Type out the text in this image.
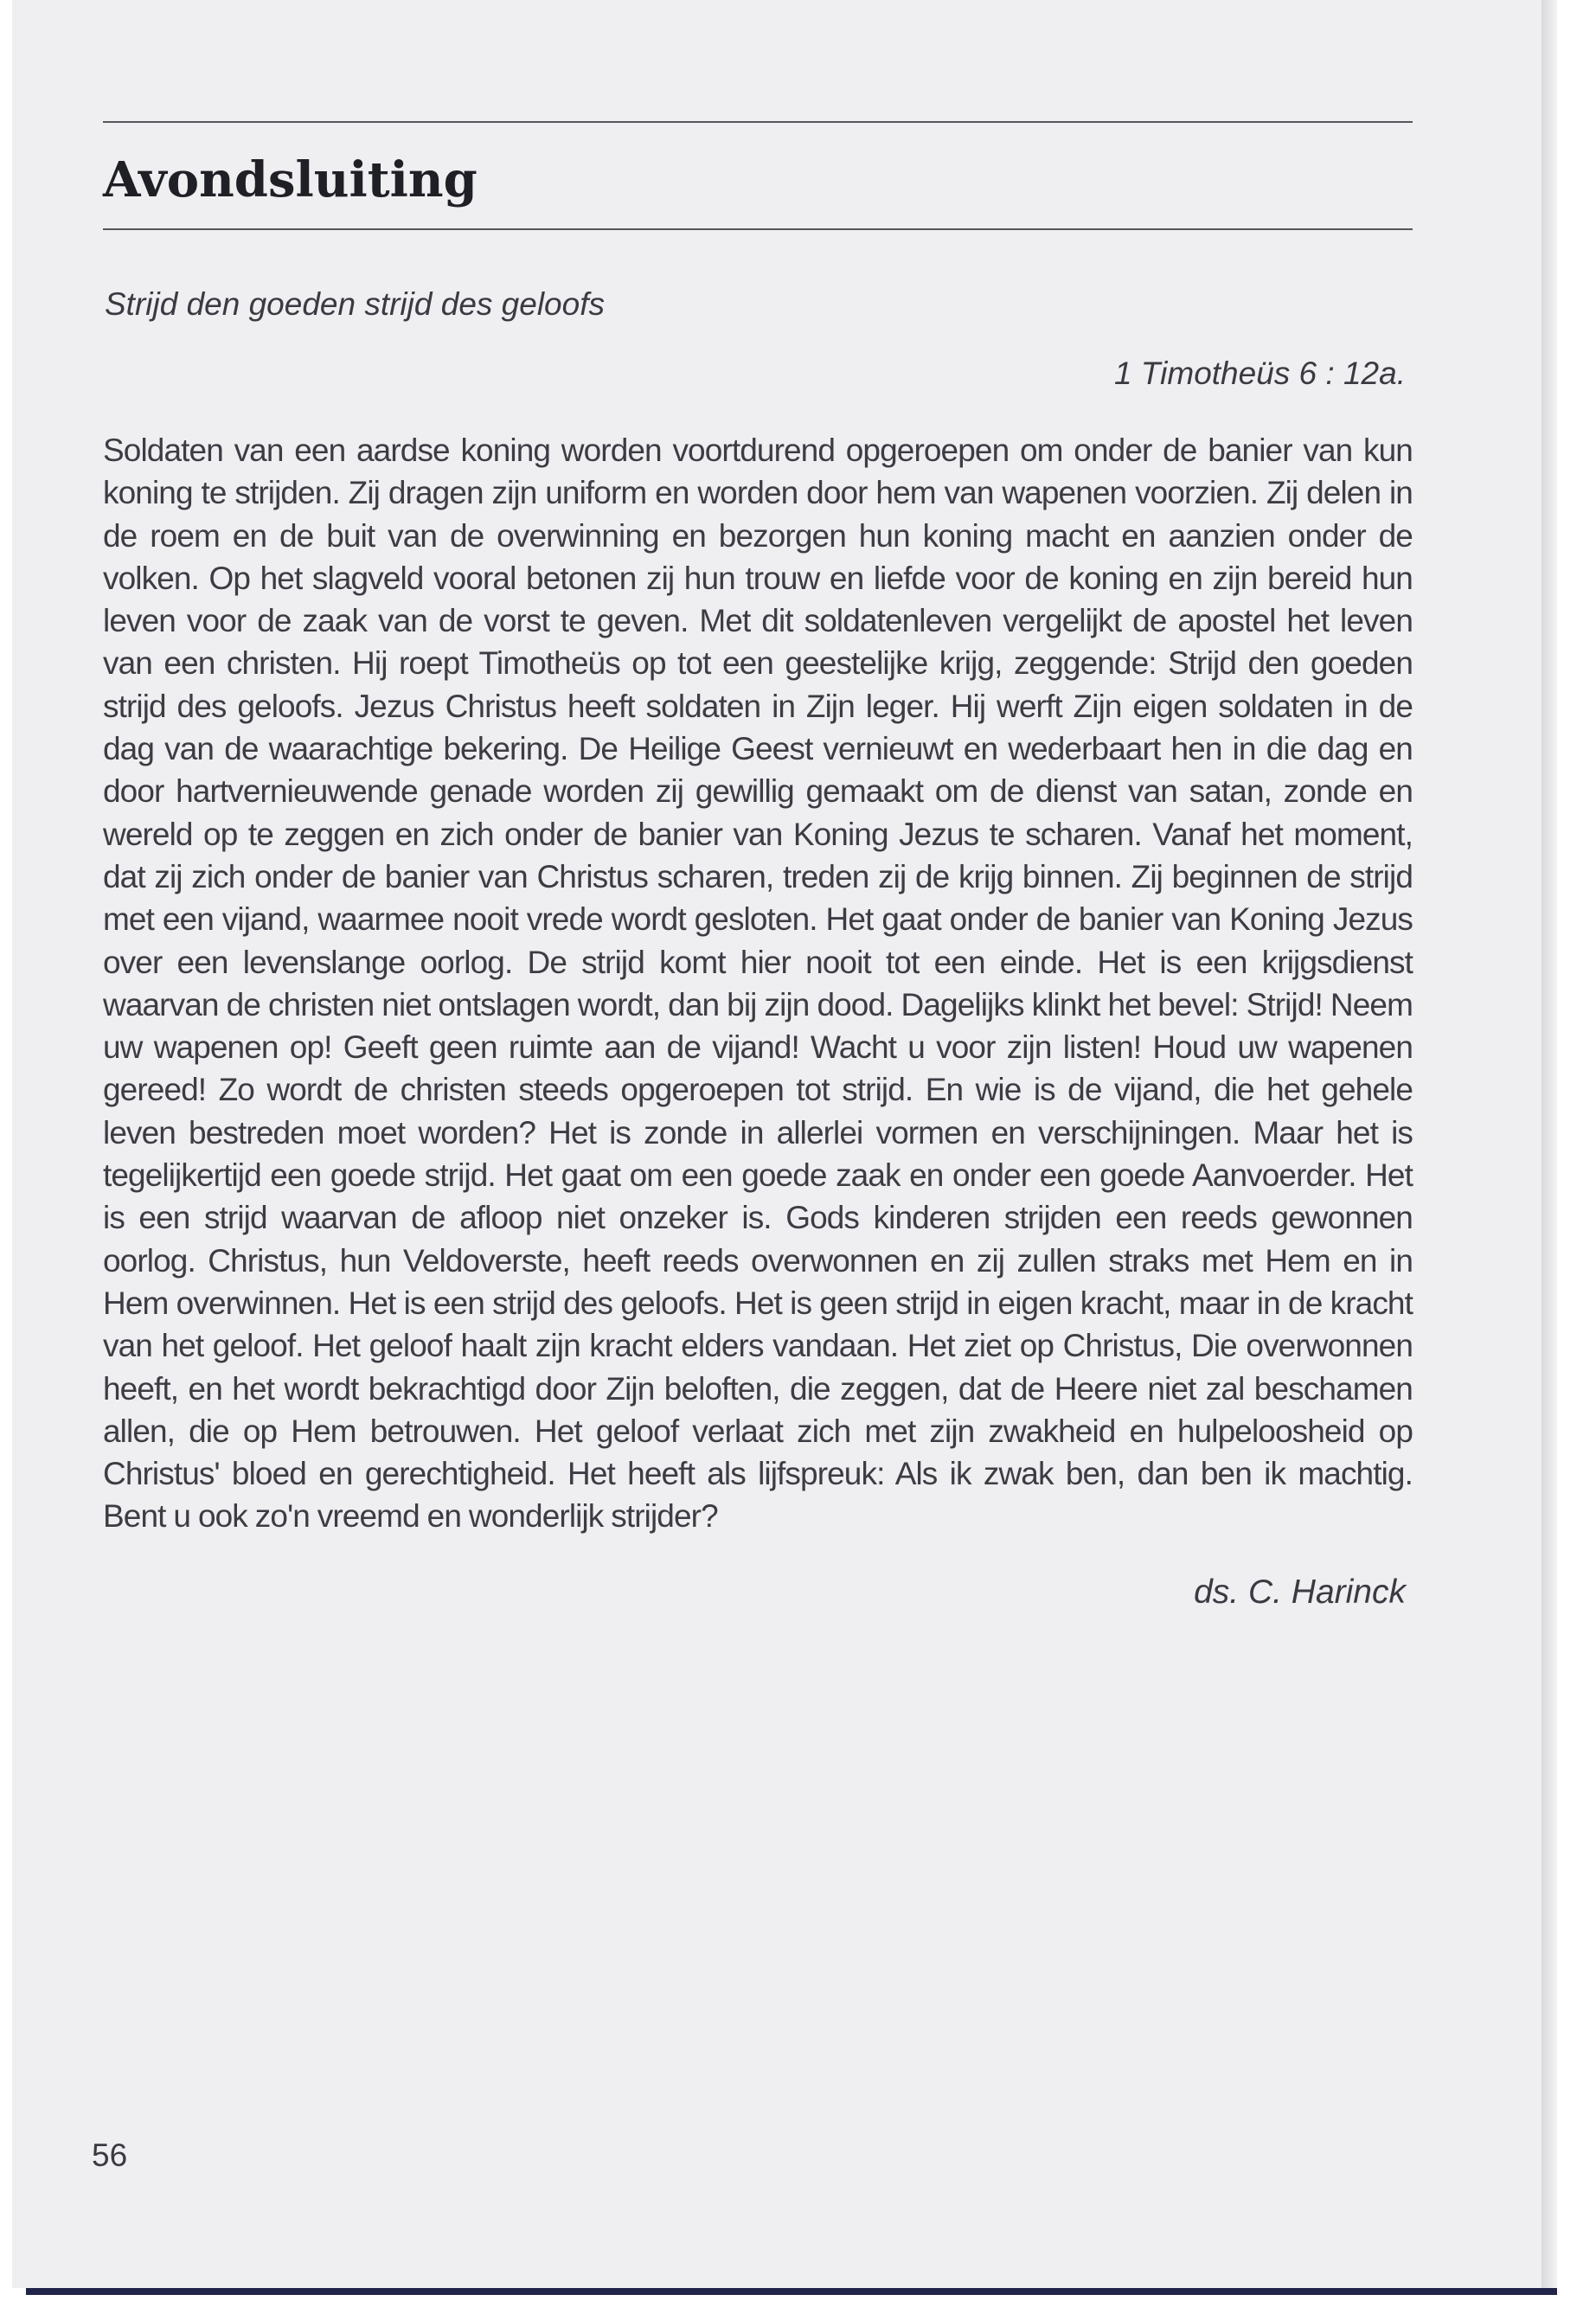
Avondsluiting
Strijd den goeden strijd des geloofs
1 Timotheüs 6 : 12a.

Soldaten van een aardse koning worden voortdurend opgeroepen om onder de banier van kun koning te strijden. Zij dragen zijn uniform en worden door hem van wapenen voorzien. Zij delen in de roem en de buit van de overwinning en bezorgen hun koning macht en aanzien onder de volken. Op het slagveld vooral betonen zij hun trouw en liefde voor de koning en zijn bereid hun leven voor de zaak van de vorst te geven. Met dit soldatenleven vergelijkt de apostel het leven van een christen. Hij roept Timotheüs op tot een geestelijke krijg, zeggende: Strijd den goeden strijd des geloofs. Jezus Christus heeft soldaten in Zijn leger. Hij werft Zijn eigen soldaten in de dag van de waarachtige bekering. De Heilige Geest vernieuwt en wederbaart hen in die dag en door hartvernieuwende genade worden zij gewillig gemaakt om de dienst van satan, zonde en wereld op te zeggen en zich onder de banier van Koning Jezus te scharen. Vanaf het moment, dat zij zich onder de banier van Christus scharen, treden zij de krijg binnen. Zij beginnen de strijd met een vijand, waarmee nooit vrede wordt gesloten. Het gaat onder de banier van Koning Jezus over een levenslange oorlog. De strijd komt hier nooit tot een einde. Het is een krijgsdienst waarvan de christen niet ontslagen wordt, dan bij zijn dood. Dagelijks klinkt het bevel: Strijd! Neem uw wapenen op! Geeft geen ruimte aan de vijand! Wacht u voor zijn listen! Houd uw wapenen gereed! Zo wordt de christen steeds opgeroepen tot strijd. En wie is de vijand, die het gehele leven bestreden moet worden? Het is zonde in allerlei vormen en verschijningen. Maar het is tegelijkertijd een goede strijd. Het gaat om een goede zaak en onder een goede Aanvoerder. Het is een strijd waarvan de afloop niet onzeker is. Gods kinderen strijden een reeds gewonnen oorlog. Christus, hun Veldoverste, heeft reeds overwonnen en zij zullen straks met Hem en in Hem overwinnen. Het is een strijd des geloofs. Het is geen strijd in eigen kracht, maar in de kracht van het geloof. Het geloof haalt zijn kracht elders vandaan. Het ziet op Christus, Die overwonnen heeft, en het wordt bekrachtigd door Zijn beloften, die zeggen, dat de Heere niet zal beschamen allen, die op Hem betrouwen. Het geloof verlaat zich met zijn zwakheid en hulpeloosheid op Christus' bloed en gerechtigheid. Het heeft als lijfspreuk: Als ik zwak ben, dan ben ik machtig. Bent u ook zo'n vreemd en wonderlijk strijder?

ds. C. Harinck
56
